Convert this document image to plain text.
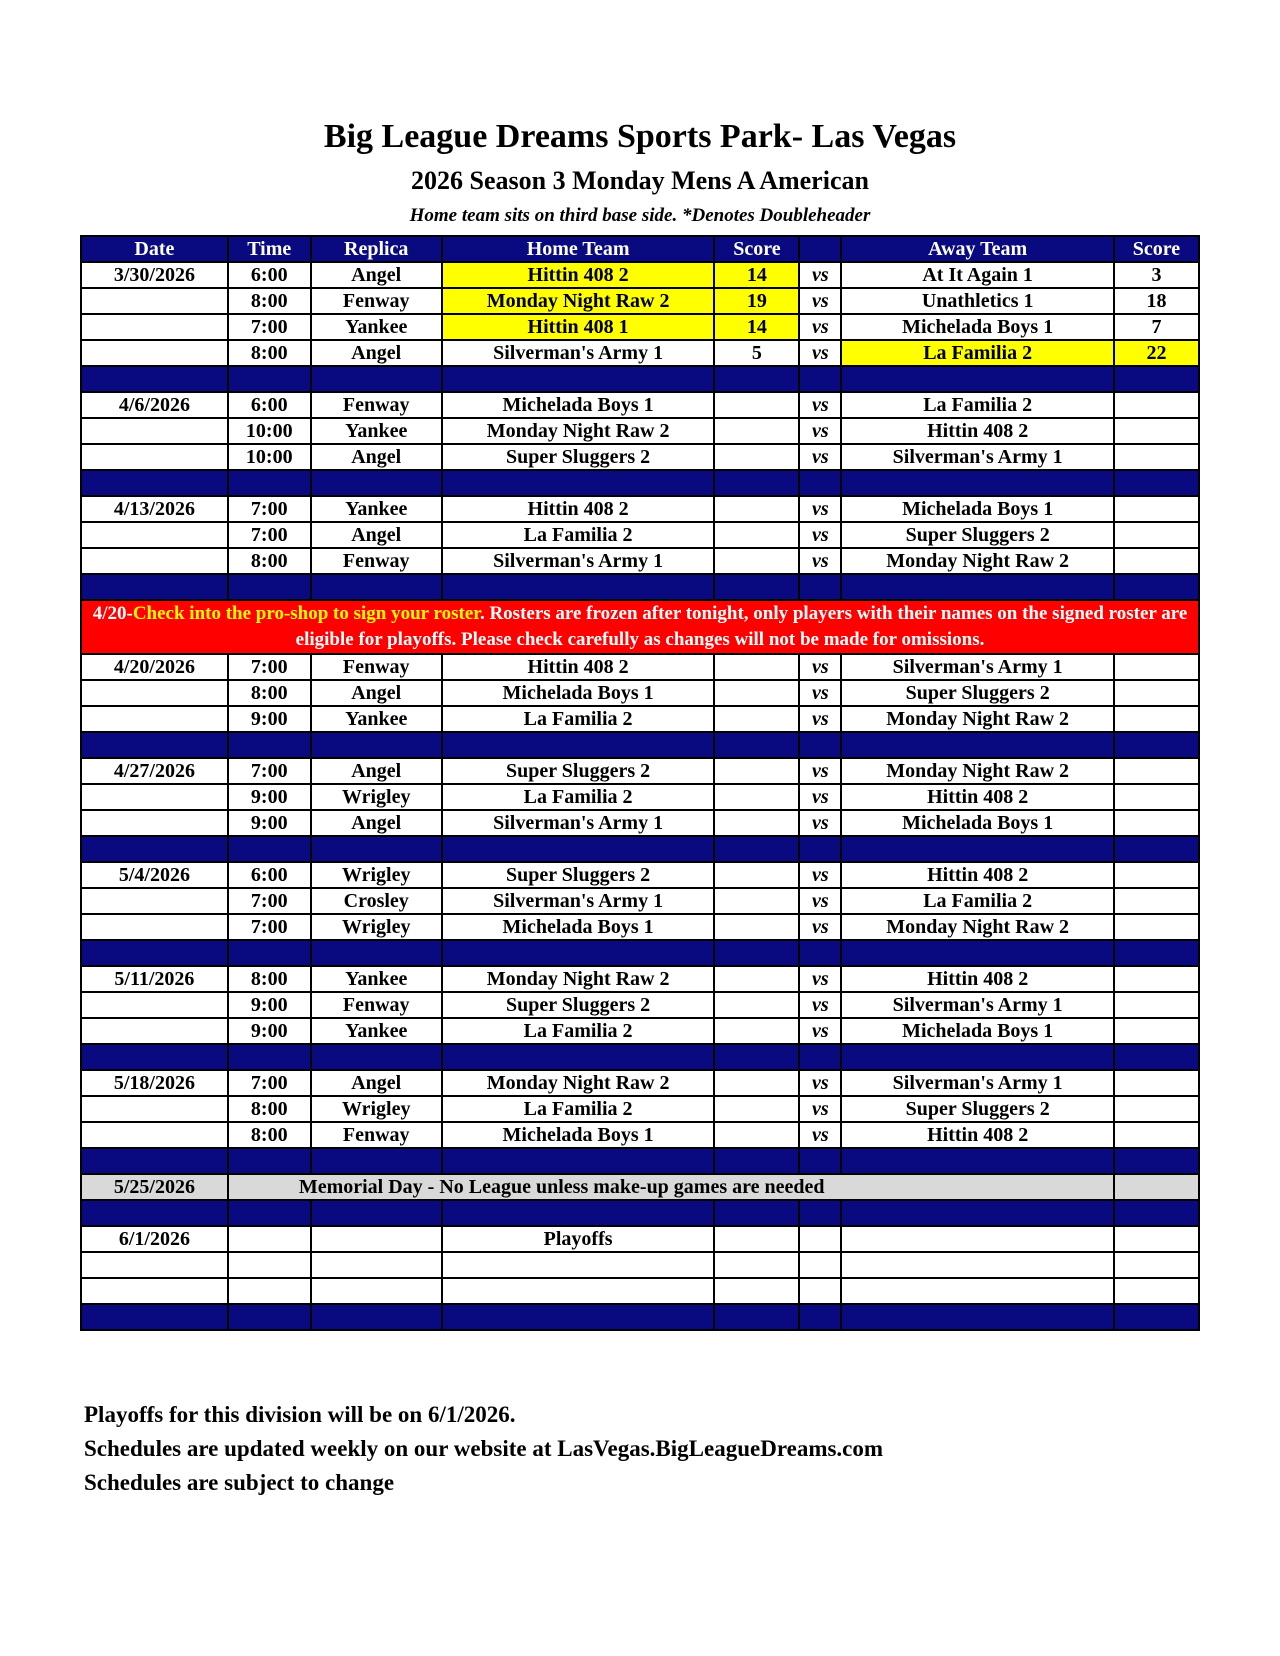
Big League Dreams Sports Park- Las Vegas
2026 Season 3 Monday Mens A American
Home team sits on third base side. *Denotes Doubleheader
Date	Time	Replica	Home Team	Score		Away Team	Score
3/30/2026	6:00	Angel	Hittin 408 2	14	vs	At It Again 1	3
	8:00	Fenway	Monday Night Raw 2	19	vs	Unathletics 1	18
	7:00	Yankee	Hittin 408 1	14	vs	Michelada Boys 1	7
	8:00	Angel	Silverman's Army 1	5	vs	La Familia 2	22

4/6/2026	6:00	Fenway	Michelada Boys 1		vs	La Familia 2	
	10:00	Yankee	Monday Night Raw 2		vs	Hittin 408 2	
	10:00	Angel	Super Sluggers 2		vs	Silverman's Army 1	

4/13/2026	7:00	Yankee	Hittin 408 2		vs	Michelada Boys 1	
	7:00	Angel	La Familia 2		vs	Super Sluggers 2	
	8:00	Fenway	Silverman's Army 1		vs	Monday Night Raw 2	

4/20-Check into the pro-shop to sign your roster. Rosters are frozen after tonight, only players with their names on the signed roster are eligible for playoffs. Please check carefully as changes will not be made for omissions.							
4/20/2026	7:00	Fenway	Hittin 408 2		vs	Silverman's Army 1	
	8:00	Angel	Michelada Boys 1		vs	Super Sluggers 2	
	9:00	Yankee	La Familia 2		vs	Monday Night Raw 2	

4/27/2026	7:00	Angel	Super Sluggers 2		vs	Monday Night Raw 2	
	9:00	Wrigley	La Familia 2		vs	Hittin 408 2	
	9:00	Angel	Silverman's Army 1		vs	Michelada Boys 1	

5/4/2026	6:00	Wrigley	Super Sluggers 2		vs	Hittin 408 2	
	7:00	Crosley	Silverman's Army 1		vs	La Familia 2	
	7:00	Wrigley	Michelada Boys 1		vs	Monday Night Raw 2	

5/11/2026	8:00	Yankee	Monday Night Raw 2		vs	Hittin 408 2	
	9:00	Fenway	Super Sluggers 2		vs	Silverman's Army 1	
	9:00	Yankee	La Familia 2		vs	Michelada Boys 1	

5/18/2026	7:00	Angel	Monday Night Raw 2		vs	Silverman's Army 1	
	8:00	Wrigley	La Familia 2		vs	Super Sluggers 2	
	8:00	Fenway	Michelada Boys 1		vs	Hittin 408 2	

5/25/2026	Memorial Day - No League unless make-up games are needed						

6/1/2026			Playoffs				

Playoffs for this division will be on 6/1/2026.
Schedules are updated weekly on our website at LasVegas.BigLeagueDreams.com
Schedules are subject to change
